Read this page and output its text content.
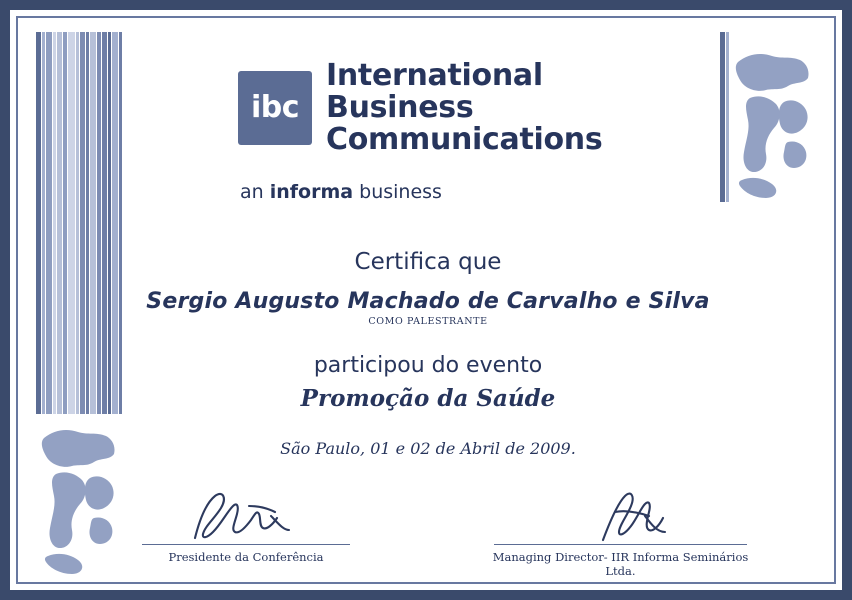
ibc
International
Business Communications
an informa business
Certifica que
Sergio Augusto Machado de Carvalho e Silva
COMO PALESTRANTE
participou do evento
Promoção da Saúde
São Paulo, 01 e 02 de Abril de 2009.
Presidente da Conferência	Managing Director- IIR Informa Seminários Ltda.
